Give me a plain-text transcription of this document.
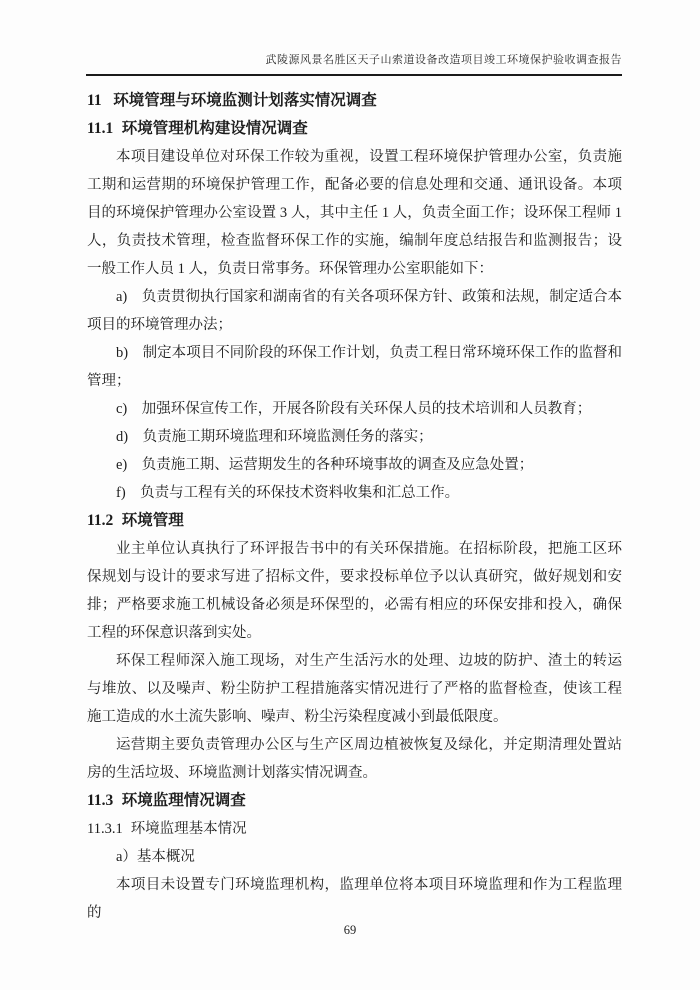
武陵源风景名胜区天子山索道设备改造项目竣工环境保护验收调查报告
11 环境管理与环境监测计划落实情况调查
11.1 环境管理机构建设情况调查

本项目建设单位对环保工作较为重视，设置工程环境保护管理办公室，负责施工期和运营期的环境保护管理工作，配备必要的信息处理和交通、通讯设备。本项目的环境保护管理办公室设置 3 人，其中主任 1 人，负责全面工作；设环保工程师 1 人，负责技术管理，检查监督环保工作的实施，编制年度总结报告和监测报告；设一般工作人员 1 人，负责日常事务。环保管理办公室职能如下：

a)　负责贯彻执行国家和湖南省的有关各项环保方针、政策和法规，制定适合本项目的环境管理办法；

b)　制定本项目不同阶段的环保工作计划，负责工程日常环境环保工作的监督和管理；

c)　加强环保宣传工作，开展各阶段有关环保人员的技术培训和人员教育；

d)　负责施工期环境监理和环境监测任务的落实；

e)　负责施工期、运营期发生的各种环境事故的调查及应急处置；

f)　负责与工程有关的环保技术资料收集和汇总工作。

11.2 环境管理

业主单位认真执行了环评报告书中的有关环保措施。在招标阶段，把施工区环保规划与设计的要求写进了招标文件，要求投标单位予以认真研究，做好规划和安排；严格要求施工机械设备必须是环保型的，必需有相应的环保安排和投入，确保工程的环保意识落到实处。

环保工程师深入施工现场，对生产生活污水的处理、边坡的防护、渣土的转运与堆放、以及噪声、粉尘防护工程措施落实情况进行了严格的监督检查，使该工程施工造成的水土流失影响、噪声、粉尘污染程度减小到最低限度。

运营期主要负责管理办公区与生产区周边植被恢复及绿化，并定期清理处置站房的生活垃圾、环境监测计划落实情况调查。

11.3 环境监理情况调查

11.3.1 环境监理基本情况

a）基本概况

本项目未设置专门环境监理机构，监理单位将本项目环境监理和作为工程监理的

69
